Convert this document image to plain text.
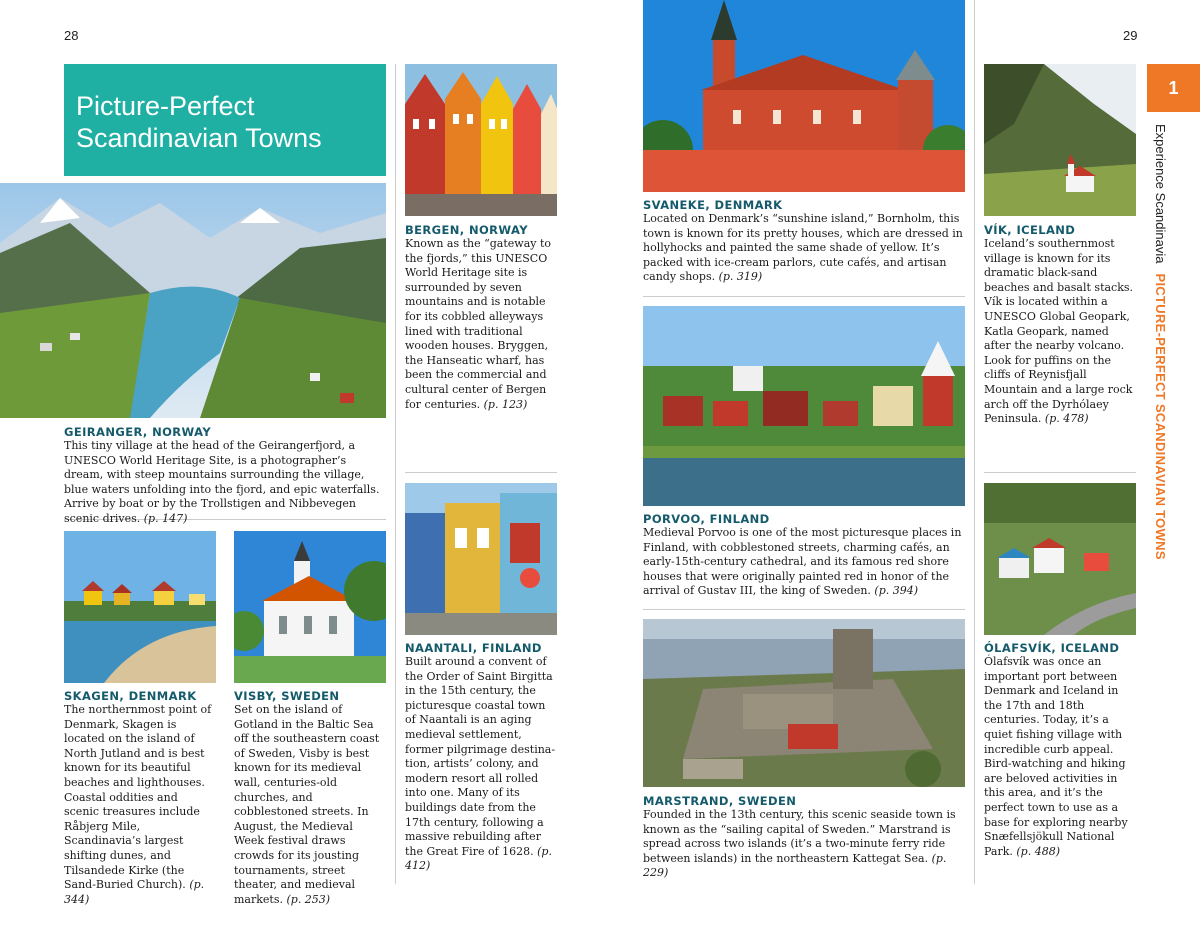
28	29
Picture-Perfect Scandinavian Towns

GEIRANGER, NORWAY

This tiny village at the head of the Geirangerfjord, a UNESCO World Heritage Site, is a photographer’s dream, with steep mountains surrounding the village, blue waters unfolding into the fjord, and epic waterfalls. Arrive by boat or by the Trollstigen and Nibbevegen scenic drives. (p. 147)

BERGEN, NORWAY

Known as the “gateway to the fjords,” this UNESCO World Heritage site is surrounded by seven mountains and is notable for its cobbled alleyways lined with traditional wooden houses. Bryggen, the Hanseatic wharf, has been the commercial and cultural center of Bergen for centuries. (p. 123)

SKAGEN, DENMARK

The northernmost point of Denmark, Skagen is located on the island of North Jutland and is best known for its beautiful beaches and lighthouses. Coastal oddities and scenic treasures include Råbjerg Mile, Scandinavia’s largest shifting dunes, and Tilsandede Kirke (the Sand-Buried Church). (p. 344)

VISBY, SWEDEN

Set on the island of Gotland in the Baltic Sea off the southeastern coast of Sweden, Visby is best known for its medieval wall, centuries-old churches, and cobblestoned streets. In August, the Medieval Week festival draws crowds for its jousting tournaments, street theater, and medieval markets. (p. 253)

NAANTALI, FINLAND

Built around a convent of the Order of Saint Birgitta in the 15th century, the picturesque coastal town of Naantali is an aging medieval settlement, former pilgrimage destination, artists’ colony, and modern resort all rolled into one. Many of its buildings date from the 17th century, following a massive rebuilding after the Great Fire of 1628. (p. 412)

SVANEKE, DENMARK

Located on Denmark’s “sunshine island,” Bornholm, this town is known for its pretty houses, which are dressed in hollyhocks and painted the same shade of yellow. It’s packed with ice-cream parlors, cute cafés, and artisan candy shops. (p. 319)

PORVOO, FINLAND

Medieval Porvoo is one of the most picturesque places in Finland, with cobblestoned streets, charming cafés, an early-15th-century cathedral, and its famous red shore houses that were originally painted red in honor of the arrival of Gustav III, the king of Sweden. (p. 394)

MARSTRAND, SWEDEN

Founded in the 13th century, this scenic seaside town is known as the “sailing capital of Sweden.” Marstrand is spread across two islands (it’s a two-minute ferry ride between islands) in the northeastern Kattegat Sea. (p. 229)

VÍK, ICELAND

Iceland’s southernmost village is known for its dramatic black-sand beaches and basalt stacks. Vík is located within a UNESCO Global Geopark, Katla Geopark, named after the nearby volcano. Look for puffins on the cliffs of Reynisfjall Mountain and a large rock arch off the Dyrhólaey Peninsula. (p. 478)

ÓLAFSVÍK, ICELAND

Ólafsvík was once an important port between Denmark and Iceland in the 17th and 18th centuries. Today, it’s a quiet fishing village with incredible curb appeal. Bird-watching and hiking are beloved activities in this area, and it’s the perfect town to use as a base for exploring nearby Snæfellsjökull National Park. (p. 488)

1
Experience ScandinaviaPICTURE-PERFECT SCANDINAVIAN TOWNS
